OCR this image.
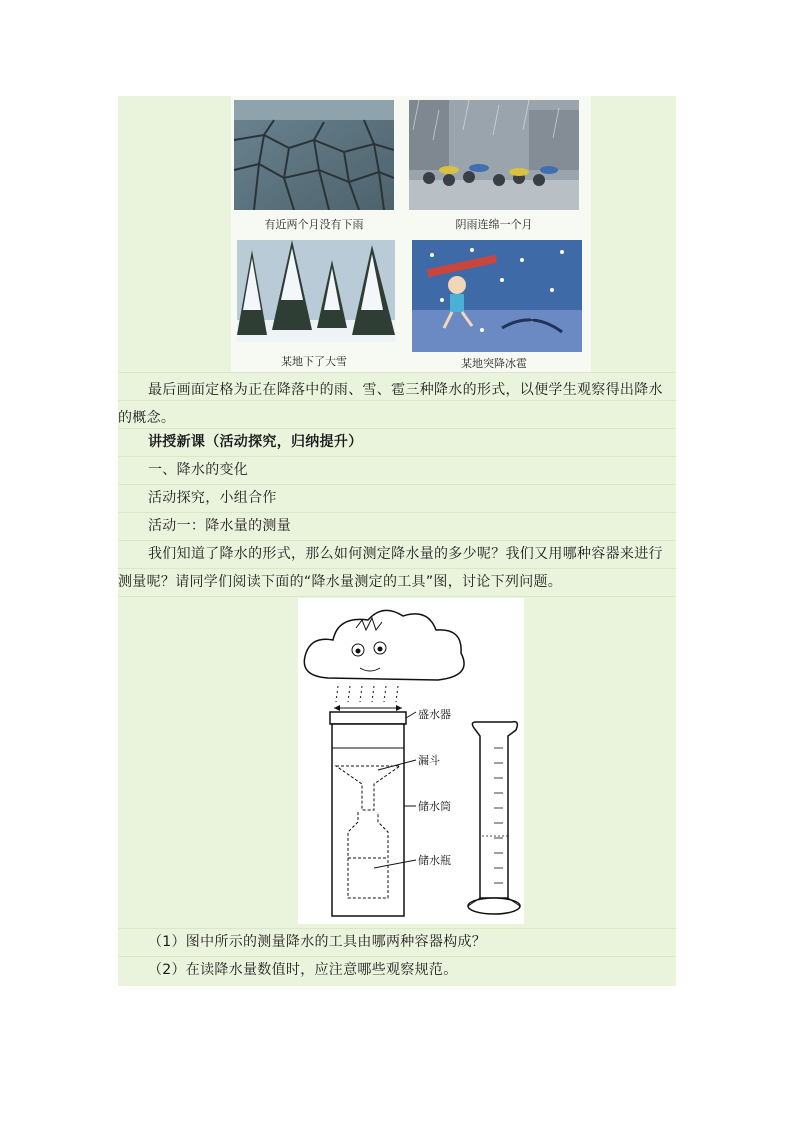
有近两个月没有下雨	阴雨连绵一个月
某地下了大雪	某地突降冰雹
最后画面定格为正在降落中的雨、雪、雹三种降水的形式，以便学生观察得出降水的概念。
讲授新课（活动探究，归纳提升）
一、降水的变化
活动探究，小组合作
活动一：降水量的测量
我们知道了降水的形式，那么如何测定降水量的多少呢？我们又用哪种容器来进行测量呢？请同学们阅读下面的“降水量测定的工具”图，讨论下列问题。
盛水器
漏斗
储水筒
储水瓶
（1）图中所示的测量降水的工具由哪两种容器构成？
（2）在读降水量数值时，应注意哪些观察规范。
